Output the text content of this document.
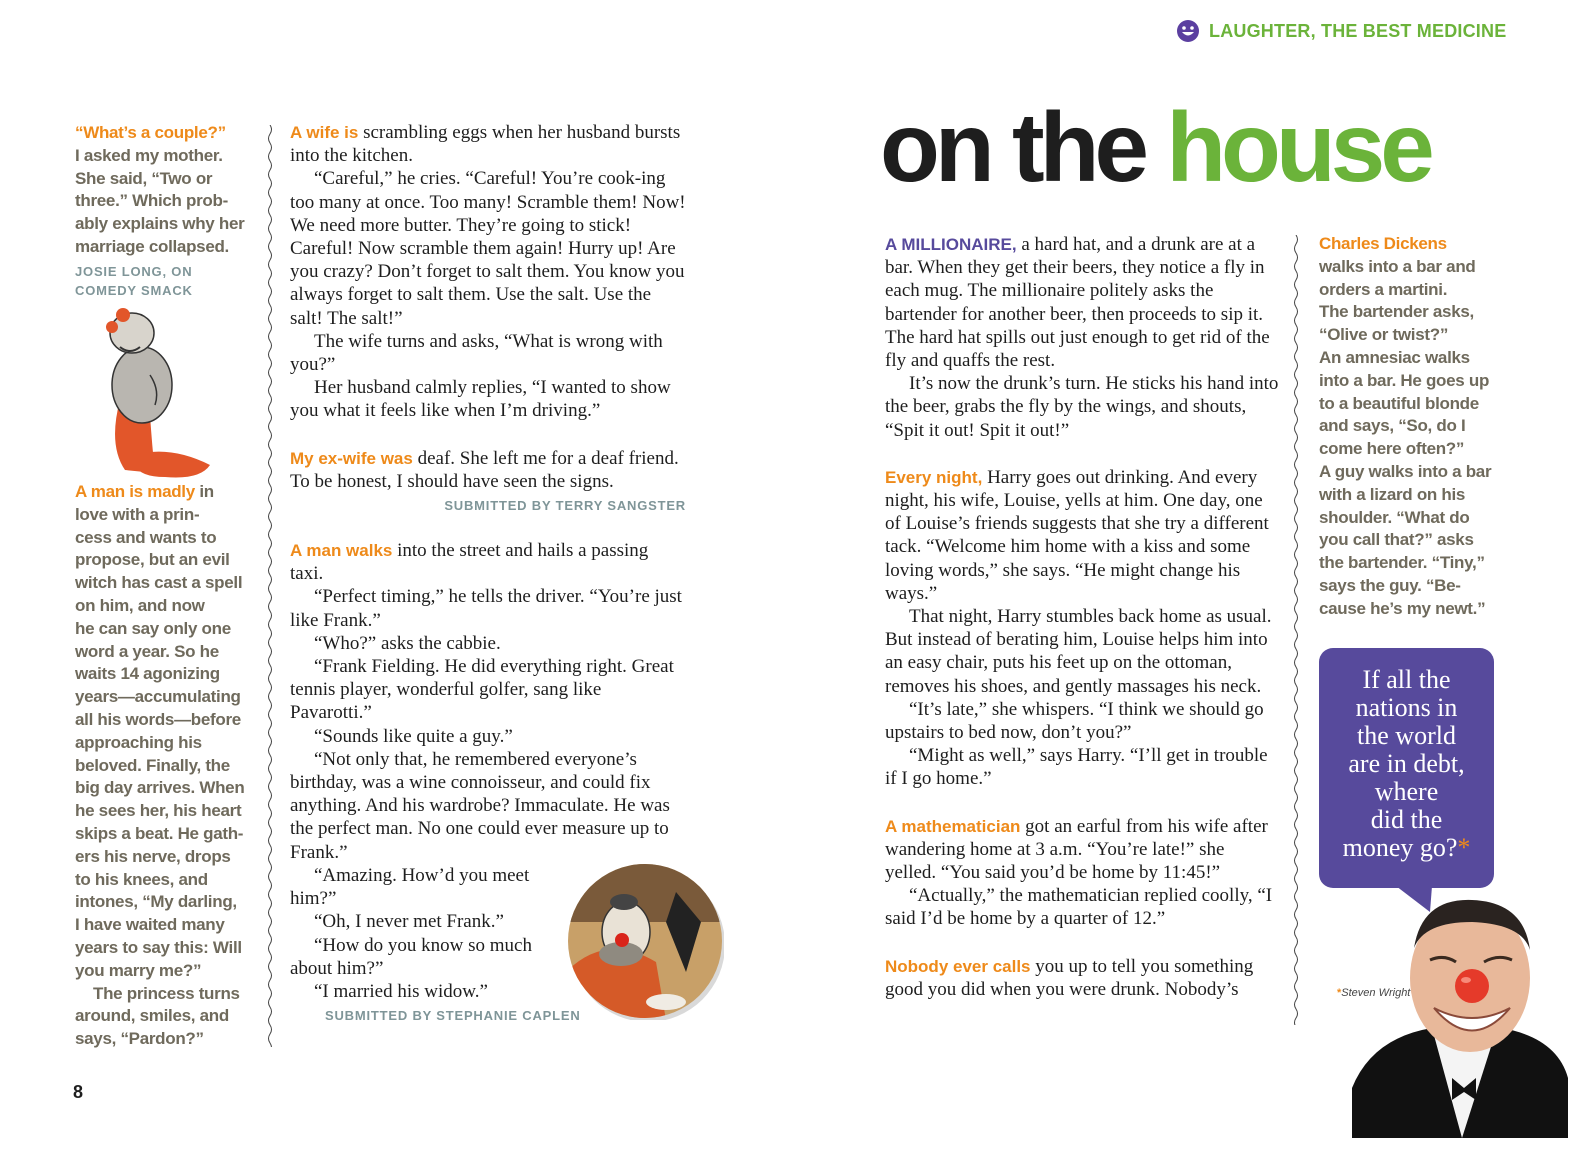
LAUGHTER, THE BEST MEDICINE
on the house

“What’s a couple?”

I asked my mother.

She said, “Two or

three.” Which prob-

ably explains why her

marriage collapsed.

JOSIE LONG, ON

COMEDY SMACK

A man is madly in

love with a prin-

cess and wants to

propose, but an evil

witch has cast a spell

on him, and now

he can say only one

word a year. So he

waits 14 agonizing

years—accumulating

all his words—before

approaching his

beloved. Finally, the

big day arrives. When

he sees her, his heart

skips a beat. He gath-

ers his nerve, drops

to his knees, and

intones, “My darling,

I have waited many

years to say this: Will

you marry me?”

The princess turns

around, smiles, and

says, “Pardon?”

8

A wife is scrambling eggs when her husband bursts into the kitchen.

“Careful,” he cries. “Careful! You’re cook-ing too many at once. Too many! Scramble them! Now! We need more butter. They’re going to stick! Careful! Now scramble them again! Hurry up! Are you crazy? Don’t forget to salt them. You know you always forget to salt them. Use the salt. Use the salt! The salt!”

The wife turns and asks, “What is wrong with you?”

Her husband calmly replies, “I wanted to show you what it feels like when I’m driving.”

My ex-wife was deaf. She left me for a deaf friend. To be honest, I should have seen the signs.

SUBMITTED BY TERRY SANGSTER

A man walks into the street and hails a passing taxi.

“Perfect timing,” he tells the driver. “You’re just like Frank.”

“Who?” asks the cabbie.

“Frank Fielding. He did everything right. Great tennis player, wonderful golfer, sang like Pavarotti.”

“Sounds like quite a guy.”

“Not only that, he remembered everyone’s birthday, was a wine connoisseur, and could fix anything. And his wardrobe? Immaculate. He was the perfect man. No one could ever measure up to Frank.”

“Amazing. How’d you meet him?”

“Oh, I never met Frank.”

“How do you know so much about him?”

“I married his widow.”

SUBMITTED BY STEPHANIE CAPLEN

A MILLIONAIRE, a hard hat, and a drunk are at a bar. When they get their beers, they notice a fly in each mug. The millionaire politely asks the bartender for another beer, then proceeds to sip it. The hard hat spills out just enough to get rid of the fly and quaffs the rest.

It’s now the drunk’s turn. He sticks his hand into the beer, grabs the fly by the wings, and shouts, “Spit it out! Spit it out!”

Every night, Harry goes out drinking. And every night, his wife, Louise, yells at him. One day, one of Louise’s friends suggests that she try a different tack. “Welcome him home with a kiss and some loving words,” she says. “He might change his ways.”

That night, Harry stumbles back home as usual. But instead of berating him, Louise helps him into an easy chair, puts his feet up on the ottoman, removes his shoes, and gently massages his neck.

“It’s late,” she whispers. “I think we should go upstairs to bed now, don’t you?”

“Might as well,” says Harry. “I’ll get in trouble if I go home.”

A mathematician got an earful from his wife after wandering home at 3 a.m. “You’re late!” she yelled. “You said you’d be home by 11:45!”

“Actually,” the mathematician replied coolly, “I said I’d be home by a quarter of 12.”

Nobody ever calls you up to tell you something good you did when you were drunk. Nobody’s

Charles Dickens

walks into a bar and

orders a martini.

The bartender asks,

“Olive or twist?”

An amnesiac walks

into a bar. He goes up

to a beautiful blonde

and says, “So, do I

come here often?”

A guy walks into a bar

with a lizard on his

shoulder. “What do

you call that?” asks

the bartender. “Tiny,”

says the guy. “Be-

cause he’s my newt.”

If all the
nations in
the world
are in debt,
where
did the
money go?*
*Steven Wright
